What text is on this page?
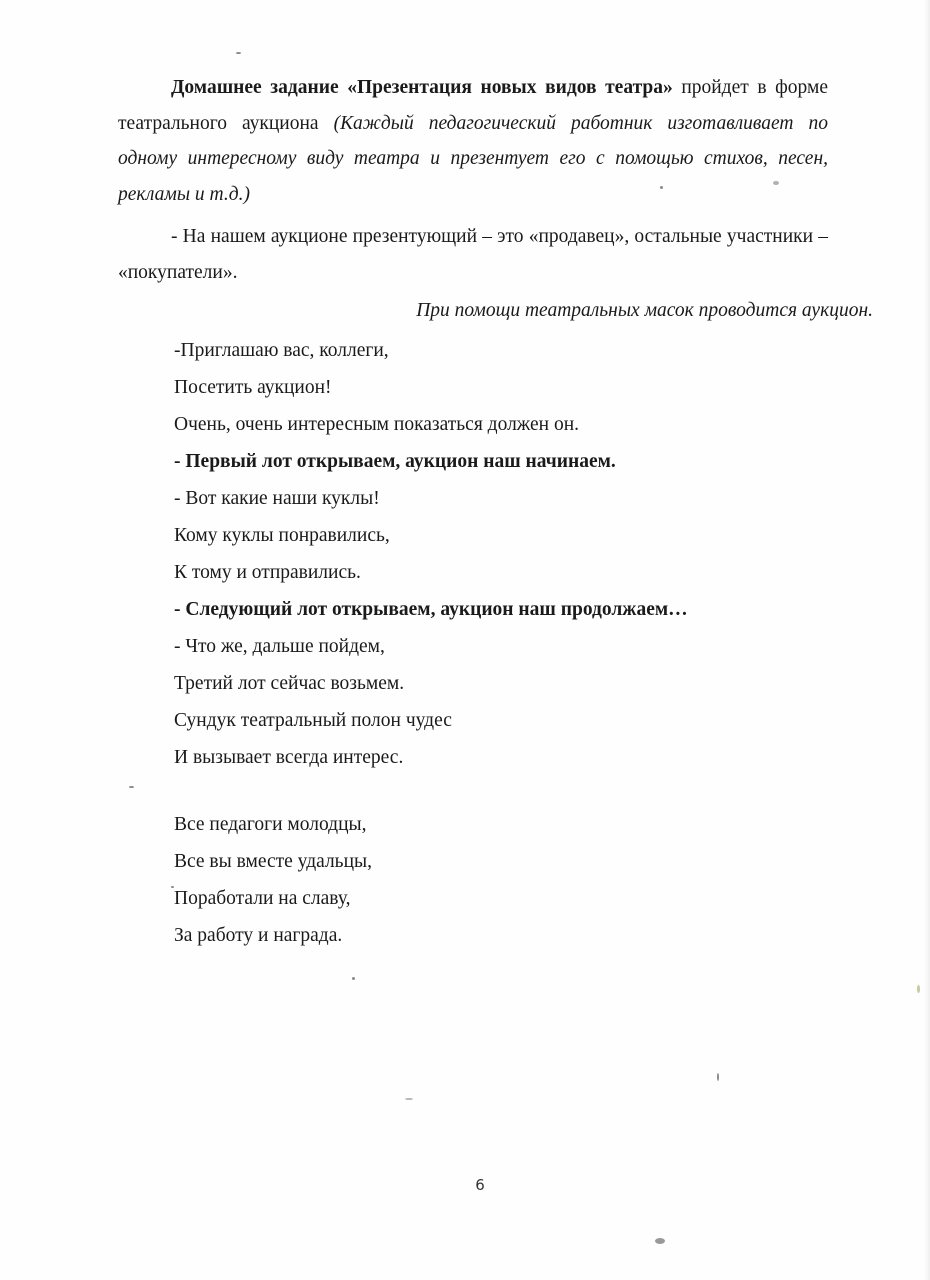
Домашнее задание «Презентация новых видов театра» пройдет в форме театрального аукциона (Каждый педагогический работник изготавливает по одному интересному виду театра и презентует его с помощью стихов, песен, рекламы и т.д.)

- На нашем аукционе презентующий – это «продавец», остальные участники – «покупатели».

При помощи театральных масок проводится аукцион.

-Приглашаю вас, коллеги,

Посетить аукцион!

Очень, очень интересным показаться должен он.

- Первый лот открываем, аукцион наш начинаем.

- Вот какие наши куклы!

Кому куклы понравились,

К тому и отправились.

- Следующий лот открываем, аукцион наш продолжаем…

- Что же, дальше пойдем,

Третий лот сейчас возьмем.

Сундук театральный полон чудес

И вызывает всегда интерес.

Все педагоги молодцы,

Все вы вместе удальцы,

Поработали на славу,

За работу и награда.

6
